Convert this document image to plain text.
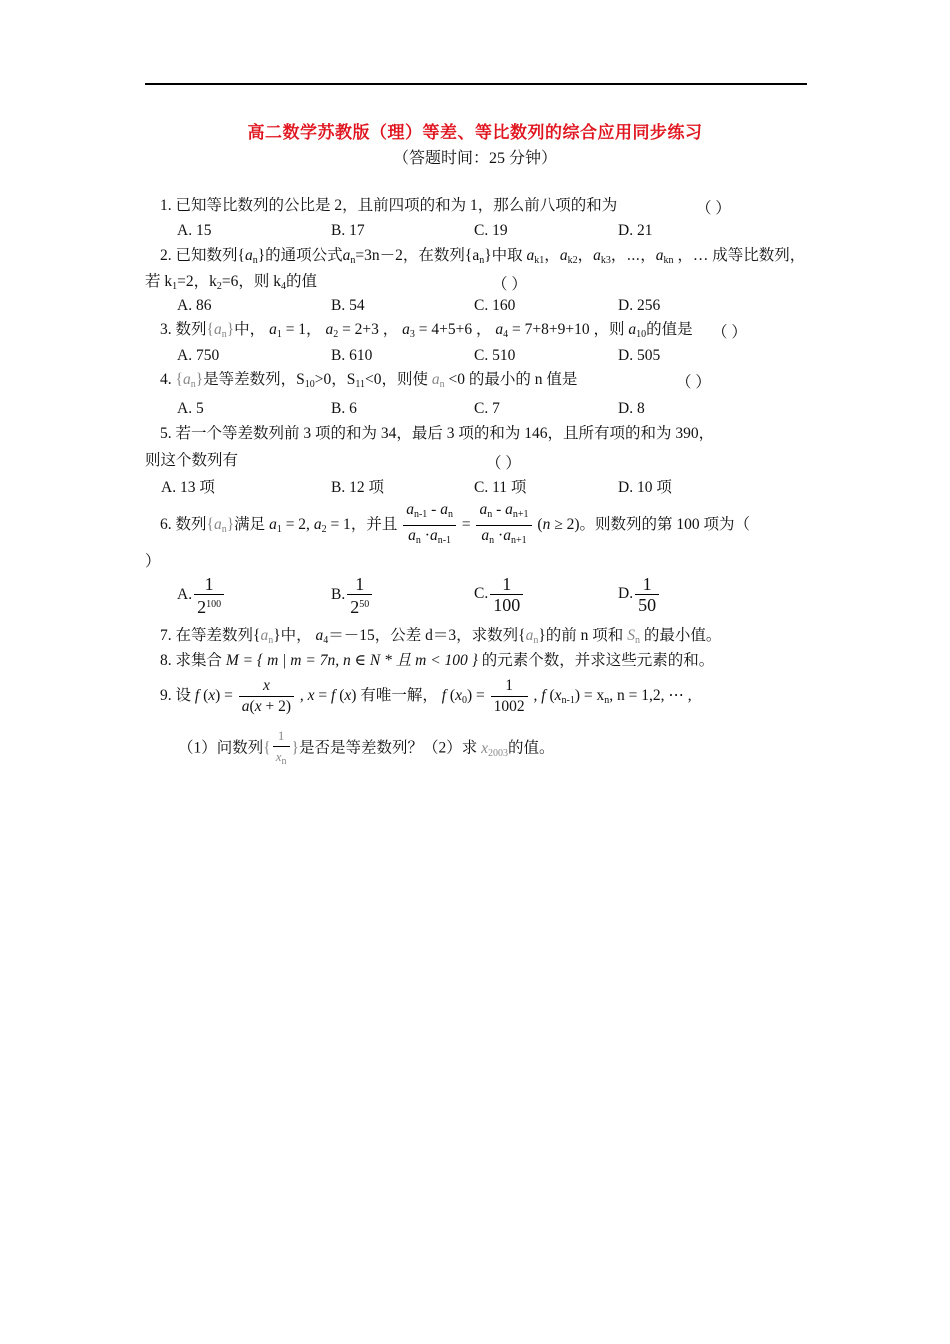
高二数学苏教版（理）等差、等比数列的综合应用同步练习
（答题时间：25 分钟）
1. 已知等比数列的公比是 2，且前四项的和为 1，那么前八项的和为	（ ）
A. 15	B. 17	C. 19	D. 21
2. 已知数列$\{a_n\}$的通项公式$a_n=3n-2$，在数列$\{a_n\}$中取 $a_{k1}$，$a_{k2}$，$a_{k3}$，⋯，$a_{kn}$ ，… 成等比数列，
若 $k_1=2$，$k_2=6$，则 $k_4$的值	（ ）
A. 86	B. 54	C. 160	D. 256
3. 数列$\{a_n\}$中， $a_1 = 1$， $a_2 = 2+3$ ， $a_3 = 4+5+6$ ， $a_4 = 7+8+9+10$ ，则 $a_{10}$的值是 （ ）
A. 750	B. 610	C. 510	D. 505
4. $\{a_n\}$是等差数列，$S_{10}>0$，$S_{11}<0$，则使 $a_n <0$ 的最小的 n 值是	（ ）
A. 5	B. 6	C. 7	D. 8
5. 若一个等差数列前 3 项的和为 34，最后 3 项的和为 146，且所有项的和为 390，
则这个数列有	（ ）
A. 13 项	B. 12 项	C. 11 项	D. 10 项
6. 数列$\{a_n\}$满足 $a_1 = 2$, $a_2 = 1$，并且 $\frac{a_{n-1} - a_n}{a_n \cdot a_{n-1}} = \frac{a_n - a_{n+1}}{a_n \cdot a_{n+1}} (n \ge 2)$。则数列的第 100 项为（
）
A. $\frac{1}{2^{100}}$	B. $\frac{1}{2^{50}}$	C. $\frac{1}{100}$	D. $\frac{1}{50}$
7. 在等差数列$\{a_n\}$中， $a_4=-15$，公差 d＝3，求数列$\{a_n\}$的前 n 项和 $S_n$ 的最小值。
8. 求集合 M = { m | m = 7n, n ∈ N * 且 m < 100 } 的元素个数，并求这些元素的和。
9. 设 f $(x) = \frac{x}{a(x + 2)}$ , x = f (x) 有唯一解， f $(x_0) = \frac{1}{1002}$ , f $(x_{n-1}) = x_n$, n = 1,2, ⋯ ,
（1）问数列{ $\frac{1}{x_n}$ }是否是等差数列？（2）求 $x_{2003}$的值。
